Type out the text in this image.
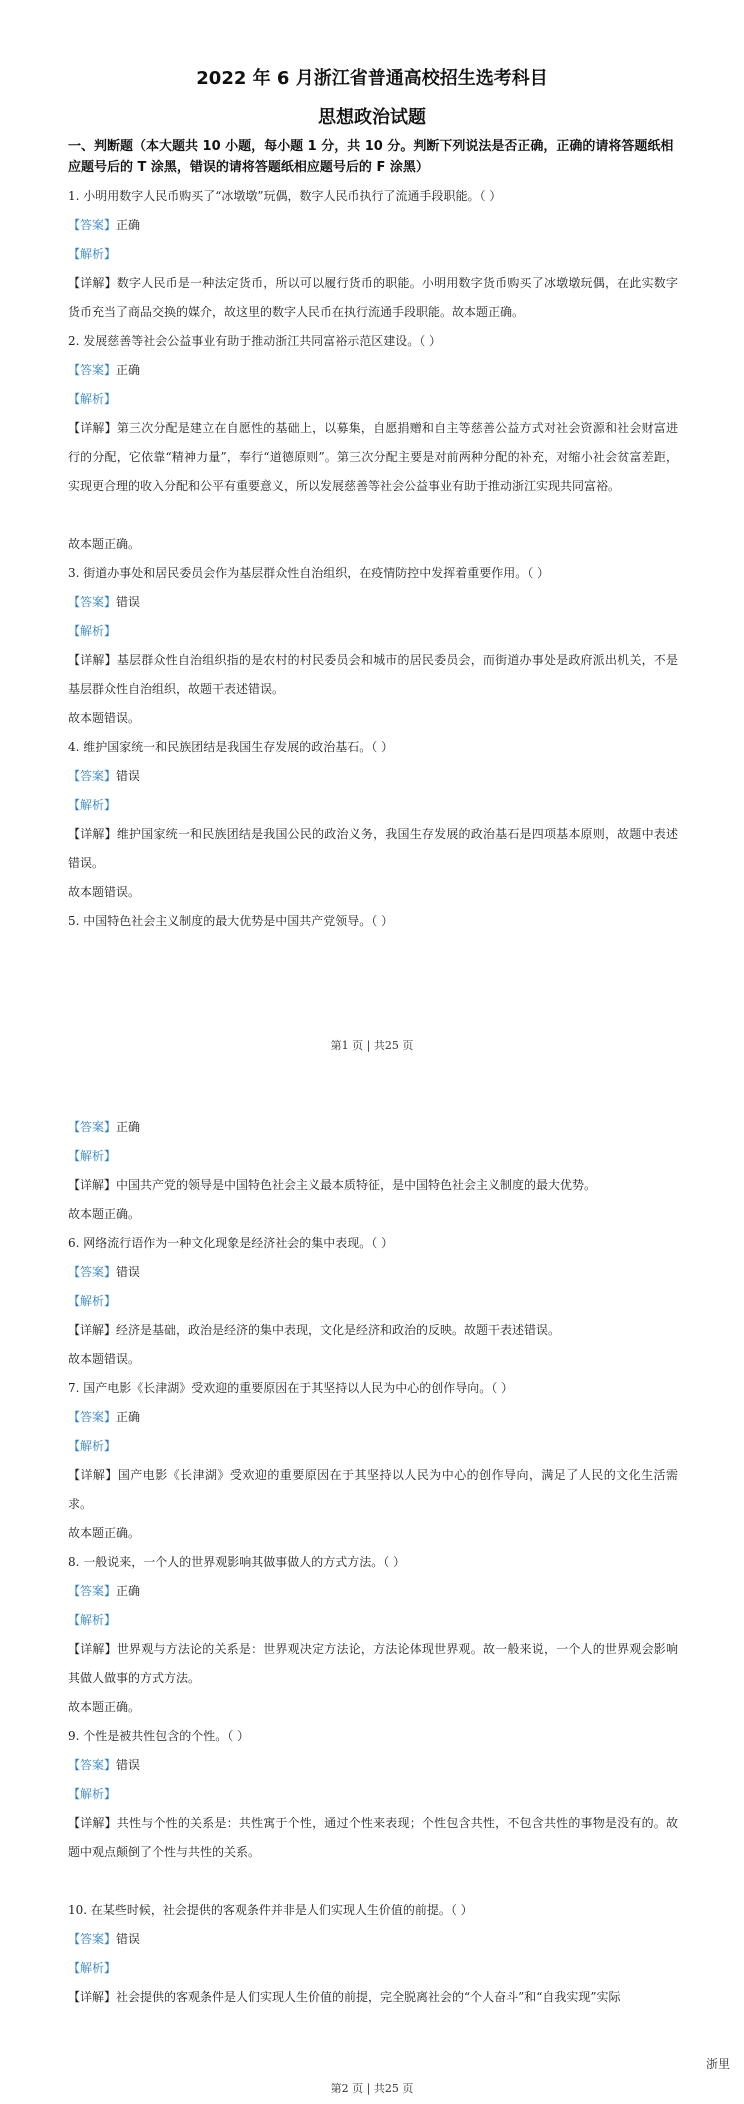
2022 年 6 月浙江省普通高校招生选考科目
思想政治试题
一、判断题（本大题共 10 小题，每小题 1 分，共 10 分。判断下列说法是否正确，正确的请将答题纸相应题号后的 T 涂黑，错误的请将答题纸相应题号后的 F 涂黑）
1. 小明用数字人民币购买了“冰墩墩”玩偶，数字人民币执行了流通手段职能。（ ）
【答案】正确
【解析】
【详解】数字人民币是一种法定货币，所以可以履行货币的职能。小明用数字货币购买了冰墩墩玩偶，在此实数字货币充当了商品交换的媒介，故这里的数字人民币在执行流通手段职能。故本题正确。
2. 发展慈善等社会公益事业有助于推动浙江共同富裕示范区建设。（ ）
【答案】正确
【解析】
【详解】第三次分配是建立在自愿性的基础上，以募集，自愿捐赠和自主等慈善公益方式对社会资源和社会财富进行的分配，它依靠“精神力量”，奉行“道德原则”。第三次分配主要是对前两种分配的补充，对缩小社会贫富差距，实现更合理的收入分配和公平有重要意义，所以发展慈善等社会公益事业有助于推动浙江实现共同富裕。
故本题正确。
3. 街道办事处和居民委员会作为基层群众性自治组织，在疫情防控中发挥着重要作用。（ ）
【答案】错误
【解析】
【详解】基层群众性自治组织指的是农村的村民委员会和城市的居民委员会，而街道办事处是政府派出机关，不是基层群众性自治组织，故题干表述错误。
故本题错误。
4. 维护国家统一和民族团结是我国生存发展的政治基石。（ ）
【答案】错误
【解析】
【详解】维护国家统一和民族团结是我国公民的政治义务，我国生存发展的政治基石是四项基本原则，故题中表述错误。
故本题错误。
5. 中国特色社会主义制度的最大优势是中国共产党领导。（ ）
第1 页 | 共25 页
【答案】正确
【解析】
【详解】中国共产党的领导是中国特色社会主义最本质特征，是中国特色社会主义制度的最大优势。
故本题正确。
6. 网络流行语作为一种文化现象是经济社会的集中表现。（ ）
【答案】错误
【解析】
【详解】经济是基础，政治是经济的集中表现，文化是经济和政治的反映。故题干表述错误。
故本题错误。
7. 国产电影《长津湖》受欢迎的重要原因在于其坚持以人民为中心的创作导向。（ ）
【答案】正确
【解析】
【详解】国产电影《长津湖》受欢迎的重要原因在于其坚持以人民为中心的创作导向，满足了人民的文化生活需求。
故本题正确。
8. 一般说来，一个人的世界观影响其做事做人的方式方法。（ ）
【答案】正确
【解析】
【详解】世界观与方法论的关系是：世界观决定方法论，方法论体现世界观。故一般来说，一个人的世界观会影响其做人做事的方式方法。
故本题正确。
9. 个性是被共性包含的个性。（ ）
【答案】错误
【解析】
【详解】共性与个性的关系是：共性寓于个性，通过个性来表现；个性包含共性，不包含共性的事物是没有的。故题中观点颠倒了个性与共性的关系。
10. 在某些时候，社会提供的客观条件并非是人们实现人生价值的前提。（ ）
【答案】错误
【解析】
【详解】社会提供的客观条件是人们实现人生价值的前提，完全脱离社会的“个人奋斗”和“自我实现”实际
浙里
第2 页 | 共25 页
